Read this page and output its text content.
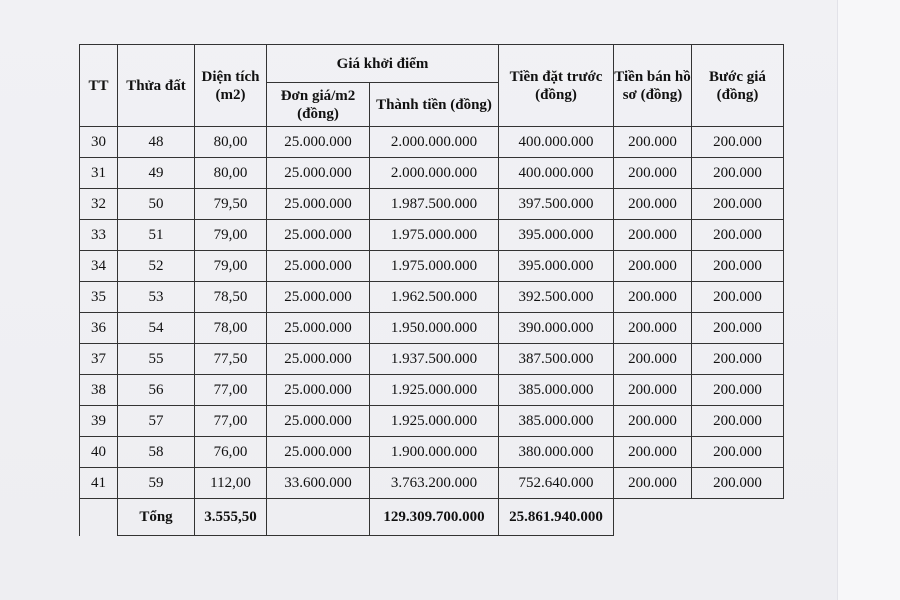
TT	Thửa đất	Diện tích (m2)	Giá khởi điểm		Tiền đặt trước (đồng)	Tiền bán hồ sơ (đồng)	Bước giá (đồng)
			Đơn giá/m2 (đồng)	Thành tiền (đồng)			
30	48	80,00	25.000.000	2.000.000.000	400.000.000	200.000	200.000
31	49	80,00	25.000.000	2.000.000.000	400.000.000	200.000	200.000
32	50	79,50	25.000.000	1.987.500.000	397.500.000	200.000	200.000
33	51	79,00	25.000.000	1.975.000.000	395.000.000	200.000	200.000
34	52	79,00	25.000.000	1.975.000.000	395.000.000	200.000	200.000
35	53	78,50	25.000.000	1.962.500.000	392.500.000	200.000	200.000
36	54	78,00	25.000.000	1.950.000.000	390.000.000	200.000	200.000
37	55	77,50	25.000.000	1.937.500.000	387.500.000	200.000	200.000
38	56	77,00	25.000.000	1.925.000.000	385.000.000	200.000	200.000
39	57	77,00	25.000.000	1.925.000.000	385.000.000	200.000	200.000
40	58	76,00	25.000.000	1.900.000.000	380.000.000	200.000	200.000
41	59	112,00	33.600.000	3.763.200.000	752.640.000	200.000	200.000
	Tổng	3.555,50		129.309.700.000	25.861.940.000		
